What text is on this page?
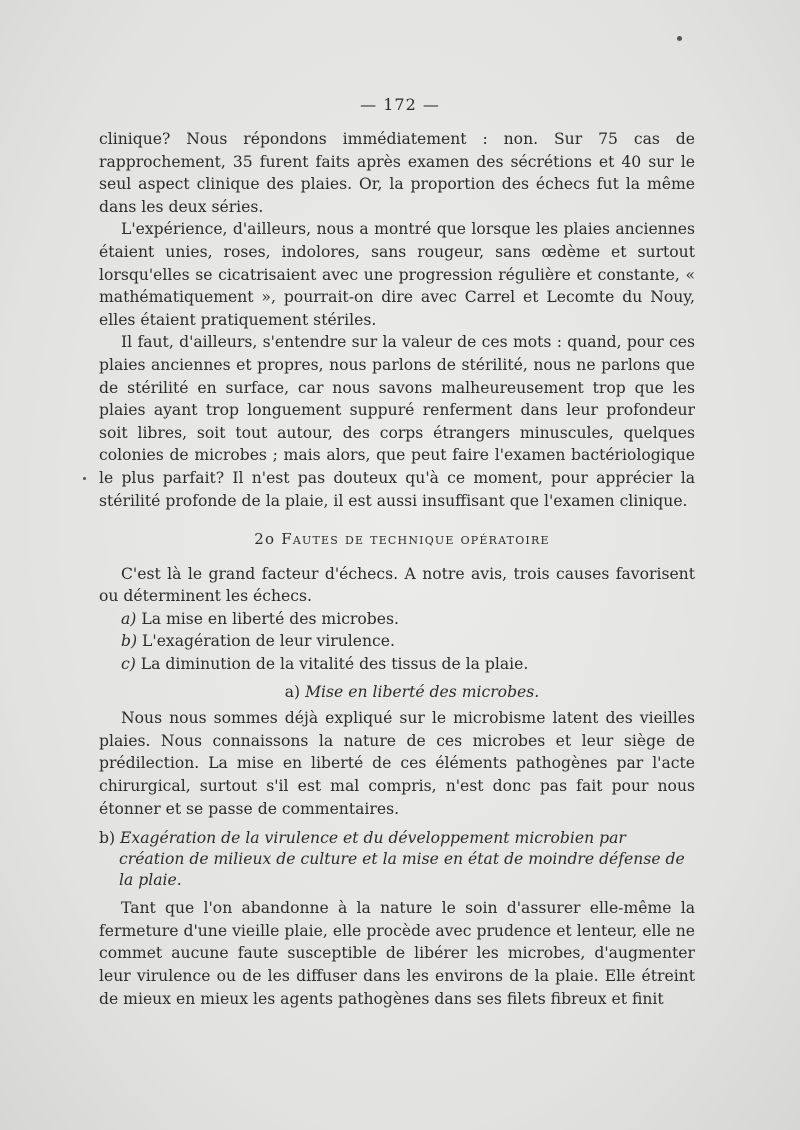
— 172 —

clinique? Nous répondons immédiatement : non. Sur 75 cas de rapprochement, 35 furent faits après examen des sécrétions et 40 sur le seul aspect clinique des plaies. Or, la proportion des échecs fut la même dans les deux séries.

L'expérience, d'ailleurs, nous a montré que lorsque les plaies anciennes étaient unies, roses, indolores, sans rougeur, sans œdème et surtout lorsqu'elles se cicatrisaient avec une progression régulière et constante, « mathématiquement », pourrait-on dire avec Carrel et Lecomte du Nouy, elles étaient pratiquement stériles.

Il faut, d'ailleurs, s'entendre sur la valeur de ces mots : quand, pour ces plaies anciennes et propres, nous parlons de stérilité, nous ne parlons que de stérilité en surface, car nous savons malheureusement trop que les plaies ayant trop longuement suppuré renferment dans leur profondeur soit libres, soit tout autour, des corps étrangers minuscules, quelques colonies de microbes ; mais alors, que peut faire l'examen bactériologique le plus parfait? Il n'est pas douteux qu'à ce moment, pour apprécier la stérilité profonde de la plaie, il est aussi insuffisant que l'examen clinique.

2o Fautes de technique opératoire

C'est là le grand facteur d'échecs. A notre avis, trois causes favorisent ou déterminent les échecs.

a) La mise en liberté des microbes.
b) L'exagération de leur virulence.
c) La diminution de la vitalité des tissus de la plaie.
a) Mise en liberté des microbes.

Nous nous sommes déjà expliqué sur le microbisme latent des vieilles plaies. Nous connaissons la nature de ces microbes et leur siège de prédilection. La mise en liberté de ces éléments pathogènes par l'acte chirurgical, surtout s'il est mal compris, n'est donc pas fait pour nous étonner et se passe de commentaires.

b) Exagération de la virulence et du développement microbien par création de milieux de culture et la mise en état de moindre défense de la plaie.

Tant que l'on abandonne à la nature le soin d'assurer elle-même la fermeture d'une vieille plaie, elle procède avec prudence et lenteur, elle ne commet aucune faute susceptible de libérer les microbes, d'augmenter leur virulence ou de les diffuser dans les environs de la plaie. Elle étreint de mieux en mieux les agents pathogènes dans ses filets fibreux et finit
